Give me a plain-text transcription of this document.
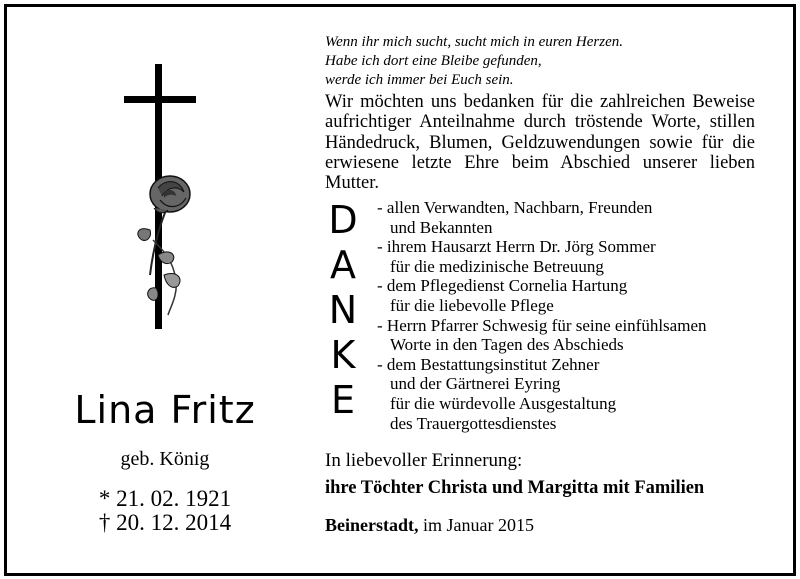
Lina Fritz
geb. König
* 21. 02. 1921
† 20. 12. 2014
Wenn ihr mich sucht, sucht mich in euren Herzen.
Habe ich dort eine Bleibe gefunden,
werde ich immer bei Euch sein.
Wir möchten uns bedanken für die zahlreichen Beweise aufrichtiger Anteilnahme durch tröstende Worte, stillen Händedruck, Blumen, Geldzuwendungen sowie für die erwiesene letzte Ehre beim Abschied unserer lieben Mutter.
D
A
N
K
E
- allen Verwandten, Nachbarn, Freunden
und Bekannten
- ihrem Hausarzt Herrn Dr. Jörg Sommer
für die medizinische Betreuung
- dem Pflegedienst Cornelia Hartung
für die liebevolle Pflege
- Herrn Pfarrer Schwesig für seine einfühlsamen
Worte in den Tagen des Abschieds
- dem Bestattungsinstitut Zehner
und der Gärtnerei Eyring
für die würdevolle Ausgestaltung
des Trauergottesdienstes
In liebevoller Erinnerung:
ihre Töchter Christa und Margitta mit Familien
Beinerstadt, im Januar 2015
